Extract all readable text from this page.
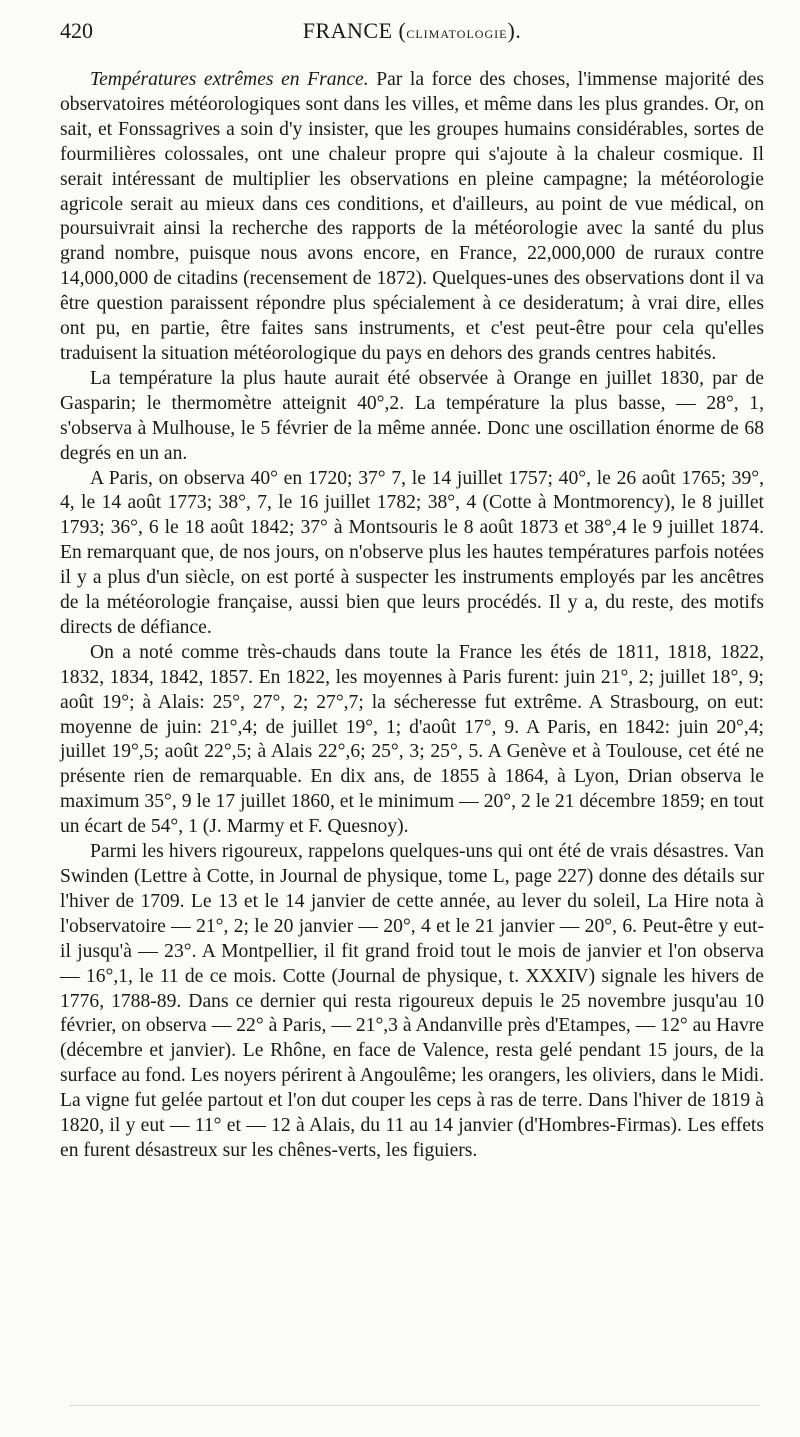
420	FRANCE (climatologie).

Températures extrêmes en France. Par la force des choses, l'immense majorité des observatoires météorologiques sont dans les villes, et même dans les plus grandes. Or, on sait, et Fonssagrives a soin d'y insister, que les groupes humains considérables, sortes de fourmilières colossales, ont une chaleur propre qui s'ajoute à la chaleur cosmique. Il serait intéressant de multiplier les observations en pleine campagne; la météorologie agricole serait au mieux dans ces conditions, et d'ailleurs, au point de vue médical, on poursuivrait ainsi la recherche des rapports de la météorologie avec la santé du plus grand nombre, puisque nous avons encore, en France, 22,000,000 de ruraux contre 14,000,000 de citadins (recensement de 1872). Quelques-unes des observations dont il va être question paraissent répondre plus spécialement à ce desideratum; à vrai dire, elles ont pu, en partie, être faites sans instruments, et c'est peut-être pour cela qu'elles traduisent la situation météorologique du pays en dehors des grands centres habités.

La température la plus haute aurait été observée à Orange en juillet 1830, par de Gasparin; le thermomètre atteignit 40°,2. La température la plus basse, — 28°, 1, s'observa à Mulhouse, le 5 février de la même année. Donc une oscillation énorme de 68 degrés en un an.

A Paris, on observa 40° en 1720; 37° 7, le 14 juillet 1757; 40°, le 26 août 1765; 39°, 4, le 14 août 1773; 38°, 7, le 16 juillet 1782; 38°, 4 (Cotte à Montmorency), le 8 juillet 1793; 36°, 6 le 18 août 1842; 37° à Montsouris le 8 août 1873 et 38°,4 le 9 juillet 1874. En remarquant que, de nos jours, on n'observe plus les hautes températures parfois notées il y a plus d'un siècle, on est porté à suspecter les instruments employés par les ancêtres de la météorologie française, aussi bien que leurs procédés. Il y a, du reste, des motifs directs de défiance.

On a noté comme très-chauds dans toute la France les étés de 1811, 1818, 1822, 1832, 1834, 1842, 1857. En 1822, les moyennes à Paris furent: juin 21°, 2; juillet 18°, 9; août 19°; à Alais: 25°, 27°, 2; 27°,7; la sécheresse fut extrême. A Strasbourg, on eut: moyenne de juin: 21°,4; de juillet 19°, 1; d'août 17°, 9. A Paris, en 1842: juin 20°,4; juillet 19°,5; août 22°,5; à Alais 22°,6; 25°, 3; 25°, 5. A Genève et à Toulouse, cet été ne présente rien de remarquable. En dix ans, de 1855 à 1864, à Lyon, Drian observa le maximum 35°, 9 le 17 juillet 1860, et le minimum — 20°, 2 le 21 décembre 1859; en tout un écart de 54°, 1 (J. Marmy et F. Quesnoy).

Parmi les hivers rigoureux, rappelons quelques-uns qui ont été de vrais désastres. Van Swinden (Lettre à Cotte, in Journal de physique, tome L, page 227) donne des détails sur l'hiver de 1709. Le 13 et le 14 janvier de cette année, au lever du soleil, La Hire nota à l'observatoire — 21°, 2; le 20 janvier — 20°, 4 et le 21 janvier — 20°, 6. Peut-être y eut-il jusqu'à — 23°. A Montpellier, il fit grand froid tout le mois de janvier et l'on observa — 16°,1, le 11 de ce mois. Cotte (Journal de physique, t. XXXIV) signale les hivers de 1776, 1788-89. Dans ce dernier qui resta rigoureux depuis le 25 novembre jusqu'au 10 février, on observa — 22° à Paris, — 21°,3 à Andanville près d'Etampes, — 12° au Havre (décembre et janvier). Le Rhône, en face de Valence, resta gelé pendant 15 jours, de la surface au fond. Les noyers périrent à Angoulême; les orangers, les oliviers, dans le Midi. La vigne fut gelée partout et l'on dut couper les ceps à ras de terre. Dans l'hiver de 1819 à 1820, il y eut — 11° et — 12 à Alais, du 11 au 14 janvier (d'Hombres-Firmas). Les effets en furent désastreux sur les chênes-verts, les figuiers.
